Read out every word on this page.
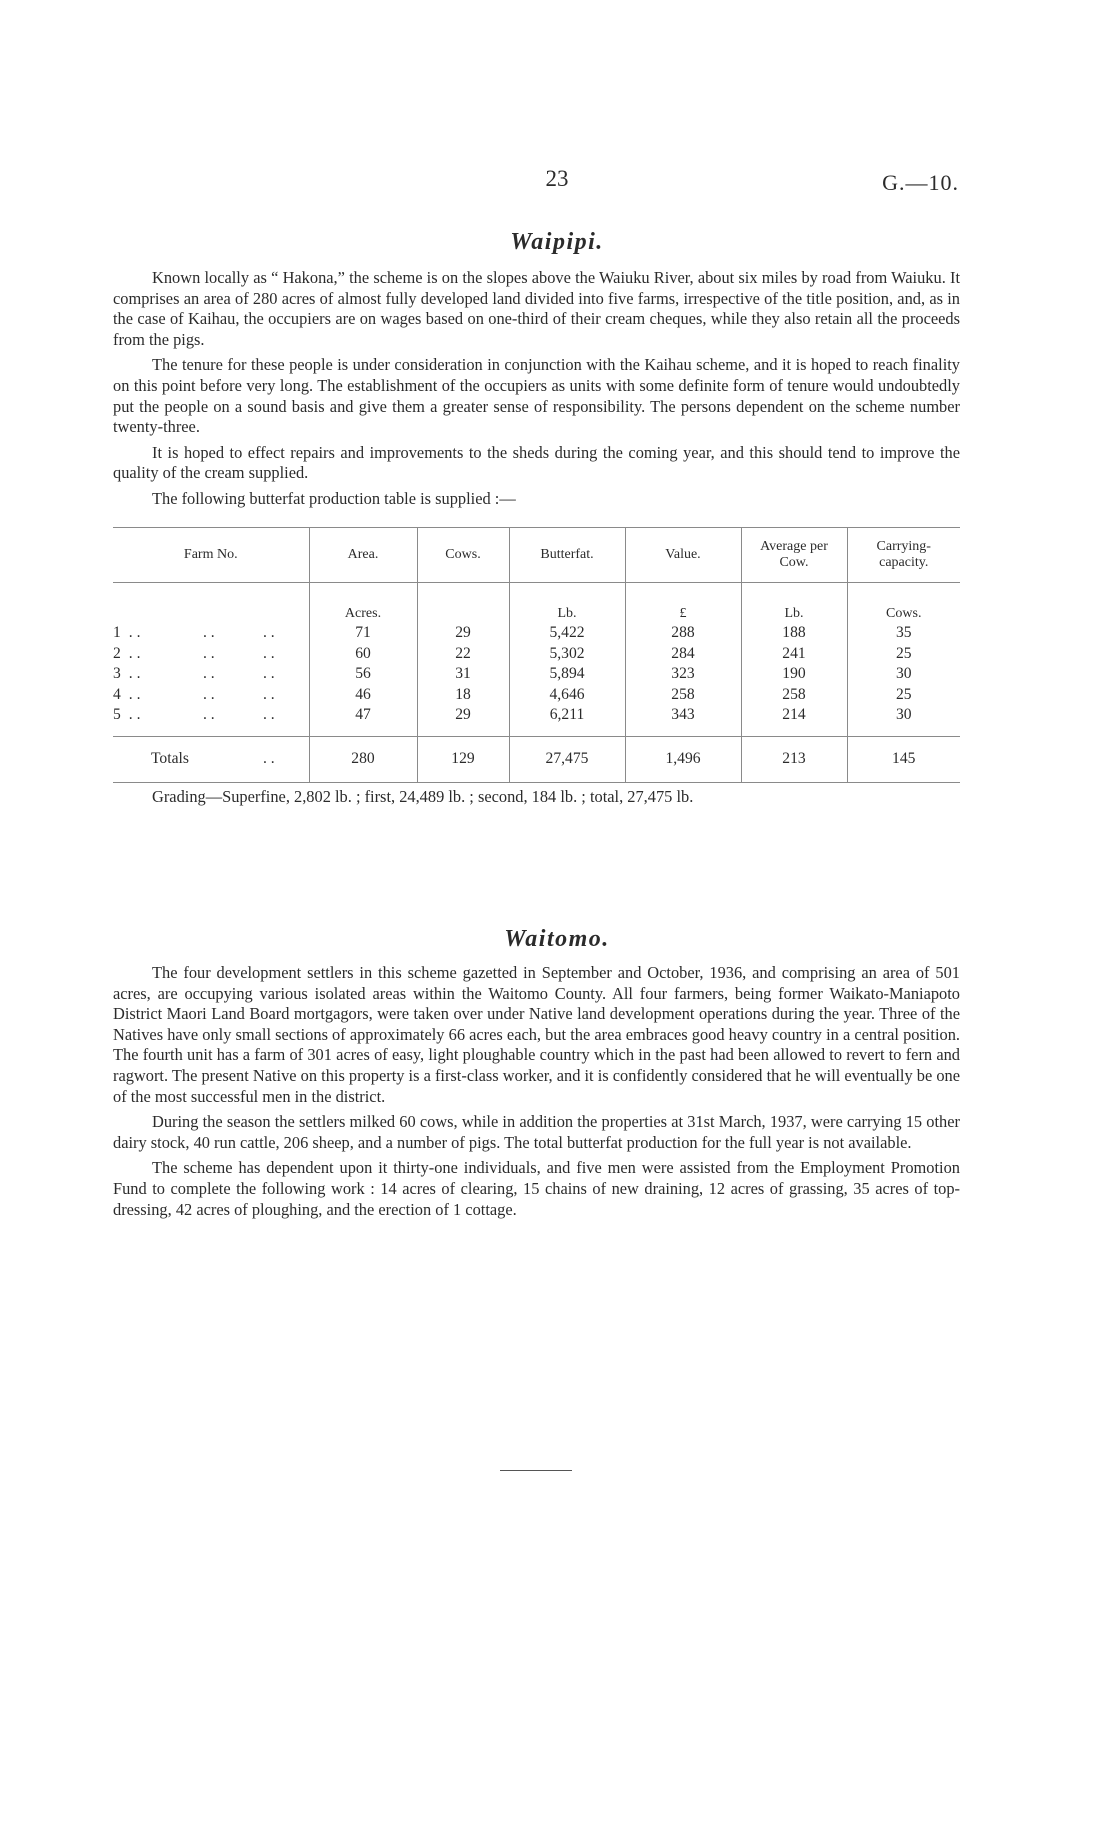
23	G.—10.
Waipipi.

Known locally as “ Hakona,” the scheme is on the slopes above the Waiuku River, about six miles by road from Waiuku. It comprises an area of 280 acres of almost fully developed land divided into five farms, irrespective of the title position, and, as in the case of Kaihau, the occupiers are on wages based on one-third of their cream cheques, while they also retain all the proceeds from the pigs.

The tenure for these people is under consideration in conjunction with the Kaihau scheme, and it is hoped to reach finality on this point before very long. The establishment of the occupiers as units with some definite form of tenure would undoubtedly put the people on a sound basis and give them a greater sense of responsibility. The persons dependent on the scheme number twenty-three.

It is hoped to effect repairs and improvements to the sheds during the coming year, and this should tend to improve the quality of the cream supplied.

The following butterfat production table is supplied :—

Farm No.	Area.	Cows.	Butterfat.	Value.	Average per Cow.	Carrying-capacity.
	Acres.		Lb.	£	Lb.	Cows.
1 . . . . . .	71	29	5,422	288	188	35
2 . . . . . .	60	22	5,302	284	241	25
3 . . . . . .	56	31	5,894	323	190	30
4 . . . . . .	46	18	4,646	258	258	25
5 . . . . . .	47	29	6,211	343	214	30
Totals . .	280	129	27,475	1,496	213	145

Grading—Superfine, 2,802 lb. ; first, 24,489 lb. ; second, 184 lb. ; total, 27,475 lb.
Waitomo.

The four development settlers in this scheme gazetted in September and October, 1936, and comprising an area of 501 acres, are occupying various isolated areas within the Waitomo County. All four farmers, being former Waikato-Maniapoto District Maori Land Board mortgagors, were taken over under Native land development operations during the year. Three of the Natives have only small sections of approximately 66 acres each, but the area embraces good heavy country in a central position. The fourth unit has a farm of 301 acres of easy, light ploughable country which in the past had been allowed to revert to fern and ragwort. The present Native on this property is a first-class worker, and it is confidently considered that he will eventually be one of the most successful men in the district.

During the season the settlers milked 60 cows, while in addition the properties at 31st March, 1937, were carrying 15 other dairy stock, 40 run cattle, 206 sheep, and a number of pigs. The total butterfat production for the full year is not available.

The scheme has dependent upon it thirty-one individuals, and five men were assisted from the Employment Promotion Fund to complete the following work : 14 acres of clearing, 15 chains of new draining, 12 acres of grassing, 35 acres of top-dressing, 42 acres of ploughing, and the erection of 1 cottage.
